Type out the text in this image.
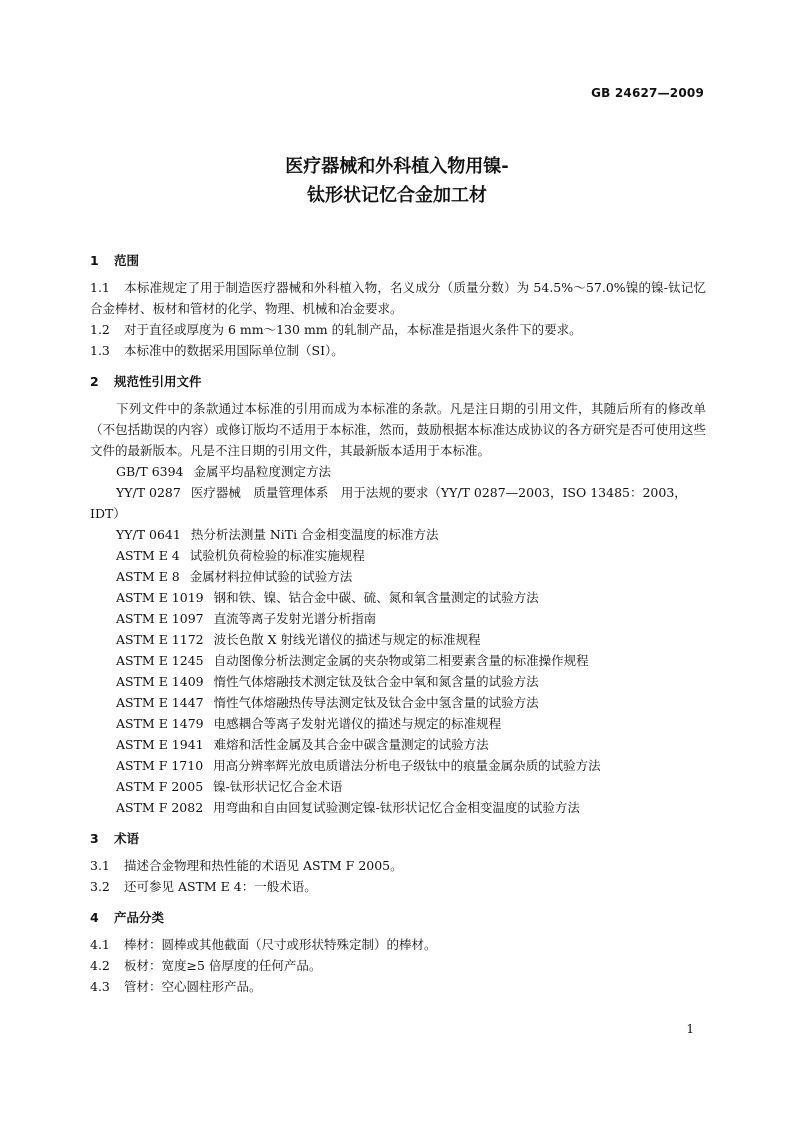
GB 24627—2009
医疗器械和外科植入物用镍-
钛形状记忆合金加工材
1 范围
1.1 本标准规定了用于制造医疗器械和外科植入物，名义成分（质量分数）为 54.5%～57.0%镍的镍-钛记忆合金棒材、板材和管材的化学、物理、机械和冶金要求。
1.2 对于直径或厚度为 6 mm～130 mm 的轧制产品，本标准是指退火条件下的要求。
1.3 本标准中的数据采用国际单位制（SI）。
2 规范性引用文件
下列文件中的条款通过本标准的引用而成为本标准的条款。凡是注日期的引用文件，其随后所有的修改单（不包括勘误的内容）或修订版均不适用于本标准，然而，鼓励根据本标准达成协议的各方研究是否可使用这些文件的最新版本。凡是不注日期的引用文件，其最新版本适用于本标准。
GB/T 6394 金属平均晶粒度测定方法
YY/T 0287 医疗器械　质量管理体系　用于法规的要求（YY/T 0287—2003，ISO 13485：2003，IDT）
YY/T 0641 热分析法测量 NiTi 合金相变温度的标准方法
ASTM E 4 试验机负荷检验的标准实施规程
ASTM E 8 金属材料拉伸试验的试验方法
ASTM E 1019 钢和铁、镍、钴合金中碳、硫、氮和氧含量测定的试验方法
ASTM E 1097 直流等离子发射光谱分析指南
ASTM E 1172 波长色散 X 射线光谱仪的描述与规定的标准规程
ASTM E 1245 自动图像分析法测定金属的夹杂物或第二相要素含量的标准操作规程
ASTM E 1409 惰性气体熔融技术测定钛及钛合金中氧和氮含量的试验方法
ASTM E 1447 惰性气体熔融热传导法测定钛及钛合金中氢含量的试验方法
ASTM E 1479 电感耦合等离子发射光谱仪的描述与规定的标准规程
ASTM E 1941 难熔和活性金属及其合金中碳含量测定的试验方法
ASTM F 1710 用高分辨率辉光放电质谱法分析电子级钛中的痕量金属杂质的试验方法
ASTM F 2005 镍-钛形状记忆合金术语
ASTM F 2082 用弯曲和自由回复试验测定镍-钛形状记忆合金相变温度的试验方法
3 术语
3.1 描述合金物理和热性能的术语见 ASTM F 2005。
3.2 还可参见 ASTM E 4：一般术语。
4 产品分类
4.1 棒材：圆棒或其他截面（尺寸或形状特殊定制）的棒材。
4.2 板材：宽度≥5 倍厚度的任何产品。
4.3 管材：空心圆柱形产品。
1
